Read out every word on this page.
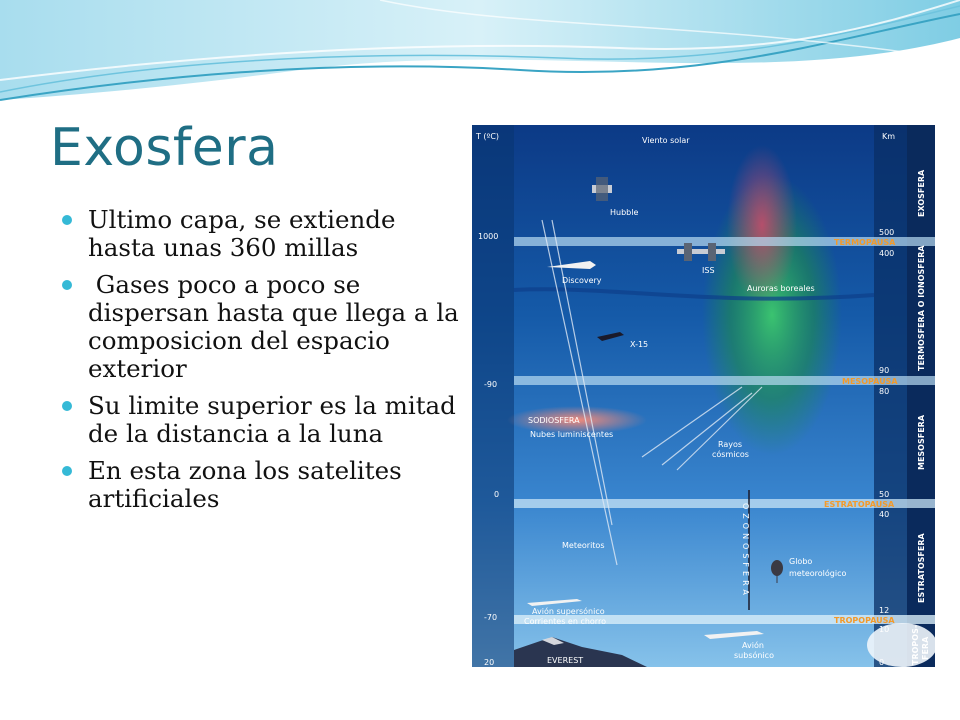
Exosfera
Ultimo capa, se extiende hasta unas 360 millas
Gases poco a poco se dispersan hasta que llega a la composicion del espacio exterior
Su limite superior es la mitad de la distancia a la luna
En esta zona los satelites artificiales
TERMOPAUSA
MESOPAUSA
ESTRATOPAUSA
TROPOPAUSA
T (ºC)	Km
1000
-90
0
-70
20
500
400
90
80
50
40
12
10
0
EXOSFERA
TERMOSFERA O IONOSFERA
MESOSFERA
ESTRATOSFERA
TROPOS- FERA
Viento solar
Hubble
ISS
Discovery
Auroras boreales
X-15
SODIOSFERA
Nubes luminiscentes
Rayos
cósmicos
Meteoritos	OZONOSFERA	Globo
meteorológico
Avión supersónico
Corrientes en chorro
Avión
subsónico
EVEREST
